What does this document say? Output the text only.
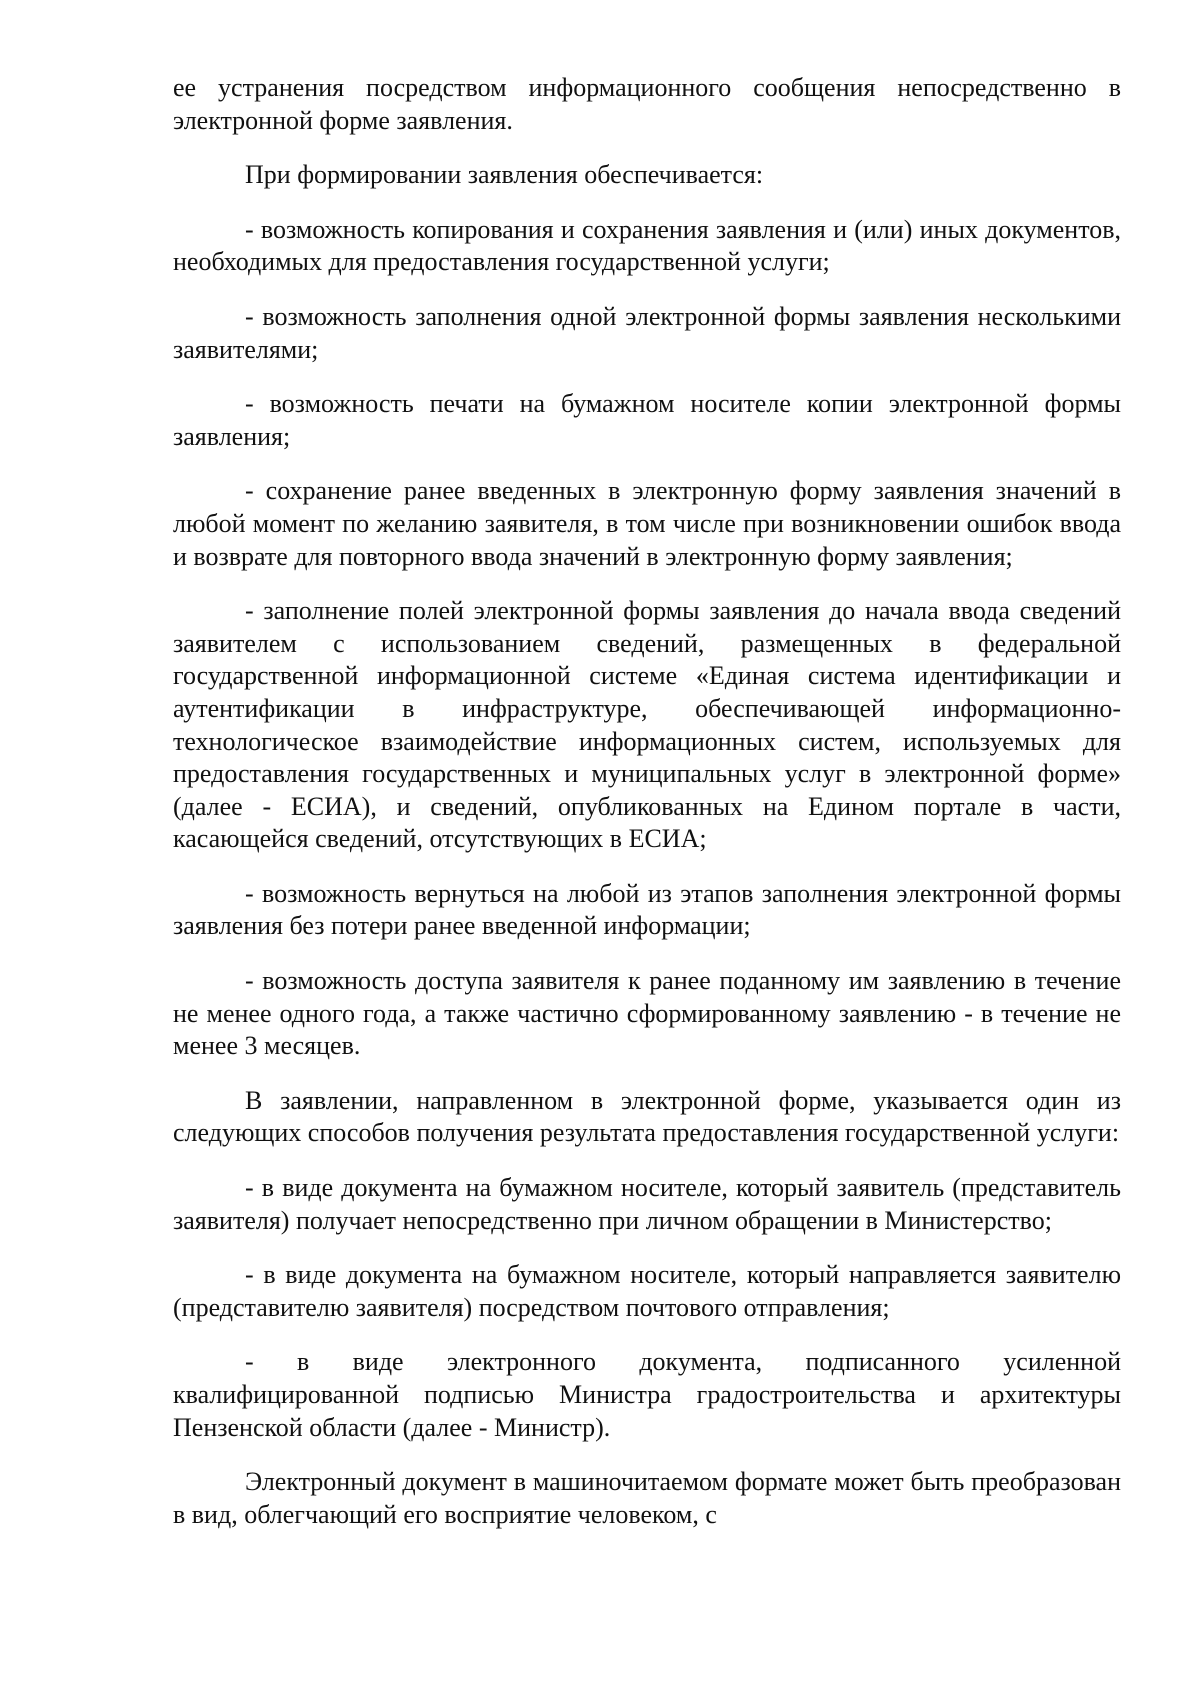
ее устранения посредством информационного сообщения непосредственно в электронной форме заявления.

При формировании заявления обеспечивается:

- возможность копирования и сохранения заявления и (или) иных документов, необходимых для предоставления государственной услуги;

- возможность заполнения одной электронной формы заявления несколькими заявителями;

- возможность печати на бумажном носителе копии электронной формы заявления;

- сохранение ранее введенных в электронную форму заявления значений в любой момент по желанию заявителя, в том числе при возникновении ошибок ввода и возврате для повторного ввода значений в электронную форму заявления;

- заполнение полей электронной формы заявления до начала ввода сведений заявителем с использованием сведений, размещенных в федеральной государственной информационной системе «Единая система идентификации и аутентификации в инфраструктуре, обеспечивающей информационно-технологическое взаимодействие информационных систем, используемых для предоставления государственных и муниципальных услуг в электронной форме» (далее - ЕСИА), и сведений, опубликованных на Едином портале в части, касающейся сведений, отсутствующих в ЕСИА;

- возможность вернуться на любой из этапов заполнения электронной формы заявления без потери ранее введенной информации;

- возможность доступа заявителя к ранее поданному им заявлению в течение не менее одного года, а также частично сформированному заявлению - в течение не менее 3 месяцев.

В заявлении, направленном в электронной форме, указывается один из следующих способов получения результата предоставления государственной услуги:

- в виде документа на бумажном носителе, который заявитель (представитель заявителя) получает непосредственно при личном обращении в Министерство;

- в виде документа на бумажном носителе, который направляется заявителю (представителю заявителя) посредством почтового отправления;

- в виде электронного документа, подписанного усиленной квалифицированной подписью Министра градостроительства и архитектуры Пензенской области (далее - Министр).

Электронный документ в машиночитаемом формате может быть преобразован в вид, облегчающий его восприятие человеком, с
